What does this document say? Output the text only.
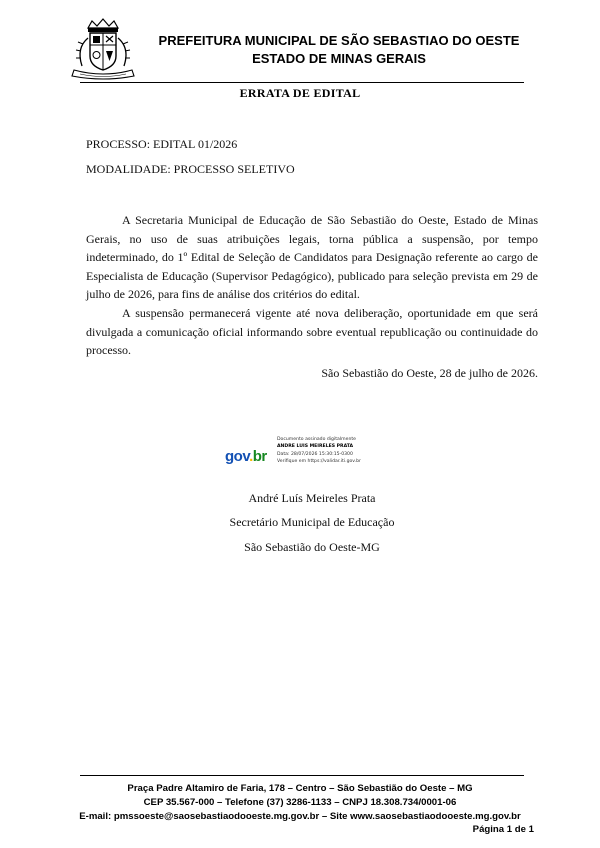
PREFEITURA MUNICIPAL DE SÃO SEBASTIAO DO OESTE
ESTADO DE MINAS GERAIS
ERRATA DE EDITAL
PROCESSO: EDITAL 01/2026
MODALIDADE: PROCESSO SELETIVO

A Secretaria Municipal de Educação de São Sebastião do Oeste, Estado de Minas Gerais, no uso de suas atribuições legais, torna pública a suspensão, por tempo indeterminado, do 1º Edital de Seleção de Candidatos para Designação referente ao cargo de Especialista de Educação (Supervisor Pedagógico), publicado para seleção prevista em 29 de julho de 2026, para fins de análise dos critérios do edital.

A suspensão permanecerá vigente até nova deliberação, oportunidade em que será divulgada a comunicação oficial informando sobre eventual republicação ou continuidade do processo.

São Sebastião do Oeste, 28 de julho de 2026.
gov.br
Documento assinado digitalmente
ANDRE LUIS MEIRELES PRATA
Data: 28/07/2026 15:30:15-0300
Verifique em https://validar.iti.gov.br
André Luís Meireles Prata
Secretário Municipal de Educação
São Sebastião do Oeste-MG
Praça Padre Altamiro de Faria, 178 – Centro – São Sebastião do Oeste – MG
CEP 35.567-000 – Telefone (37) 3286-1133 – CNPJ 18.308.734/0001-06
E-mail: pmssoeste@saosebastiaodooeste.mg.gov.br – Site www.saosebastiaodooeste.mg.gov.br
Página 1 de 1
